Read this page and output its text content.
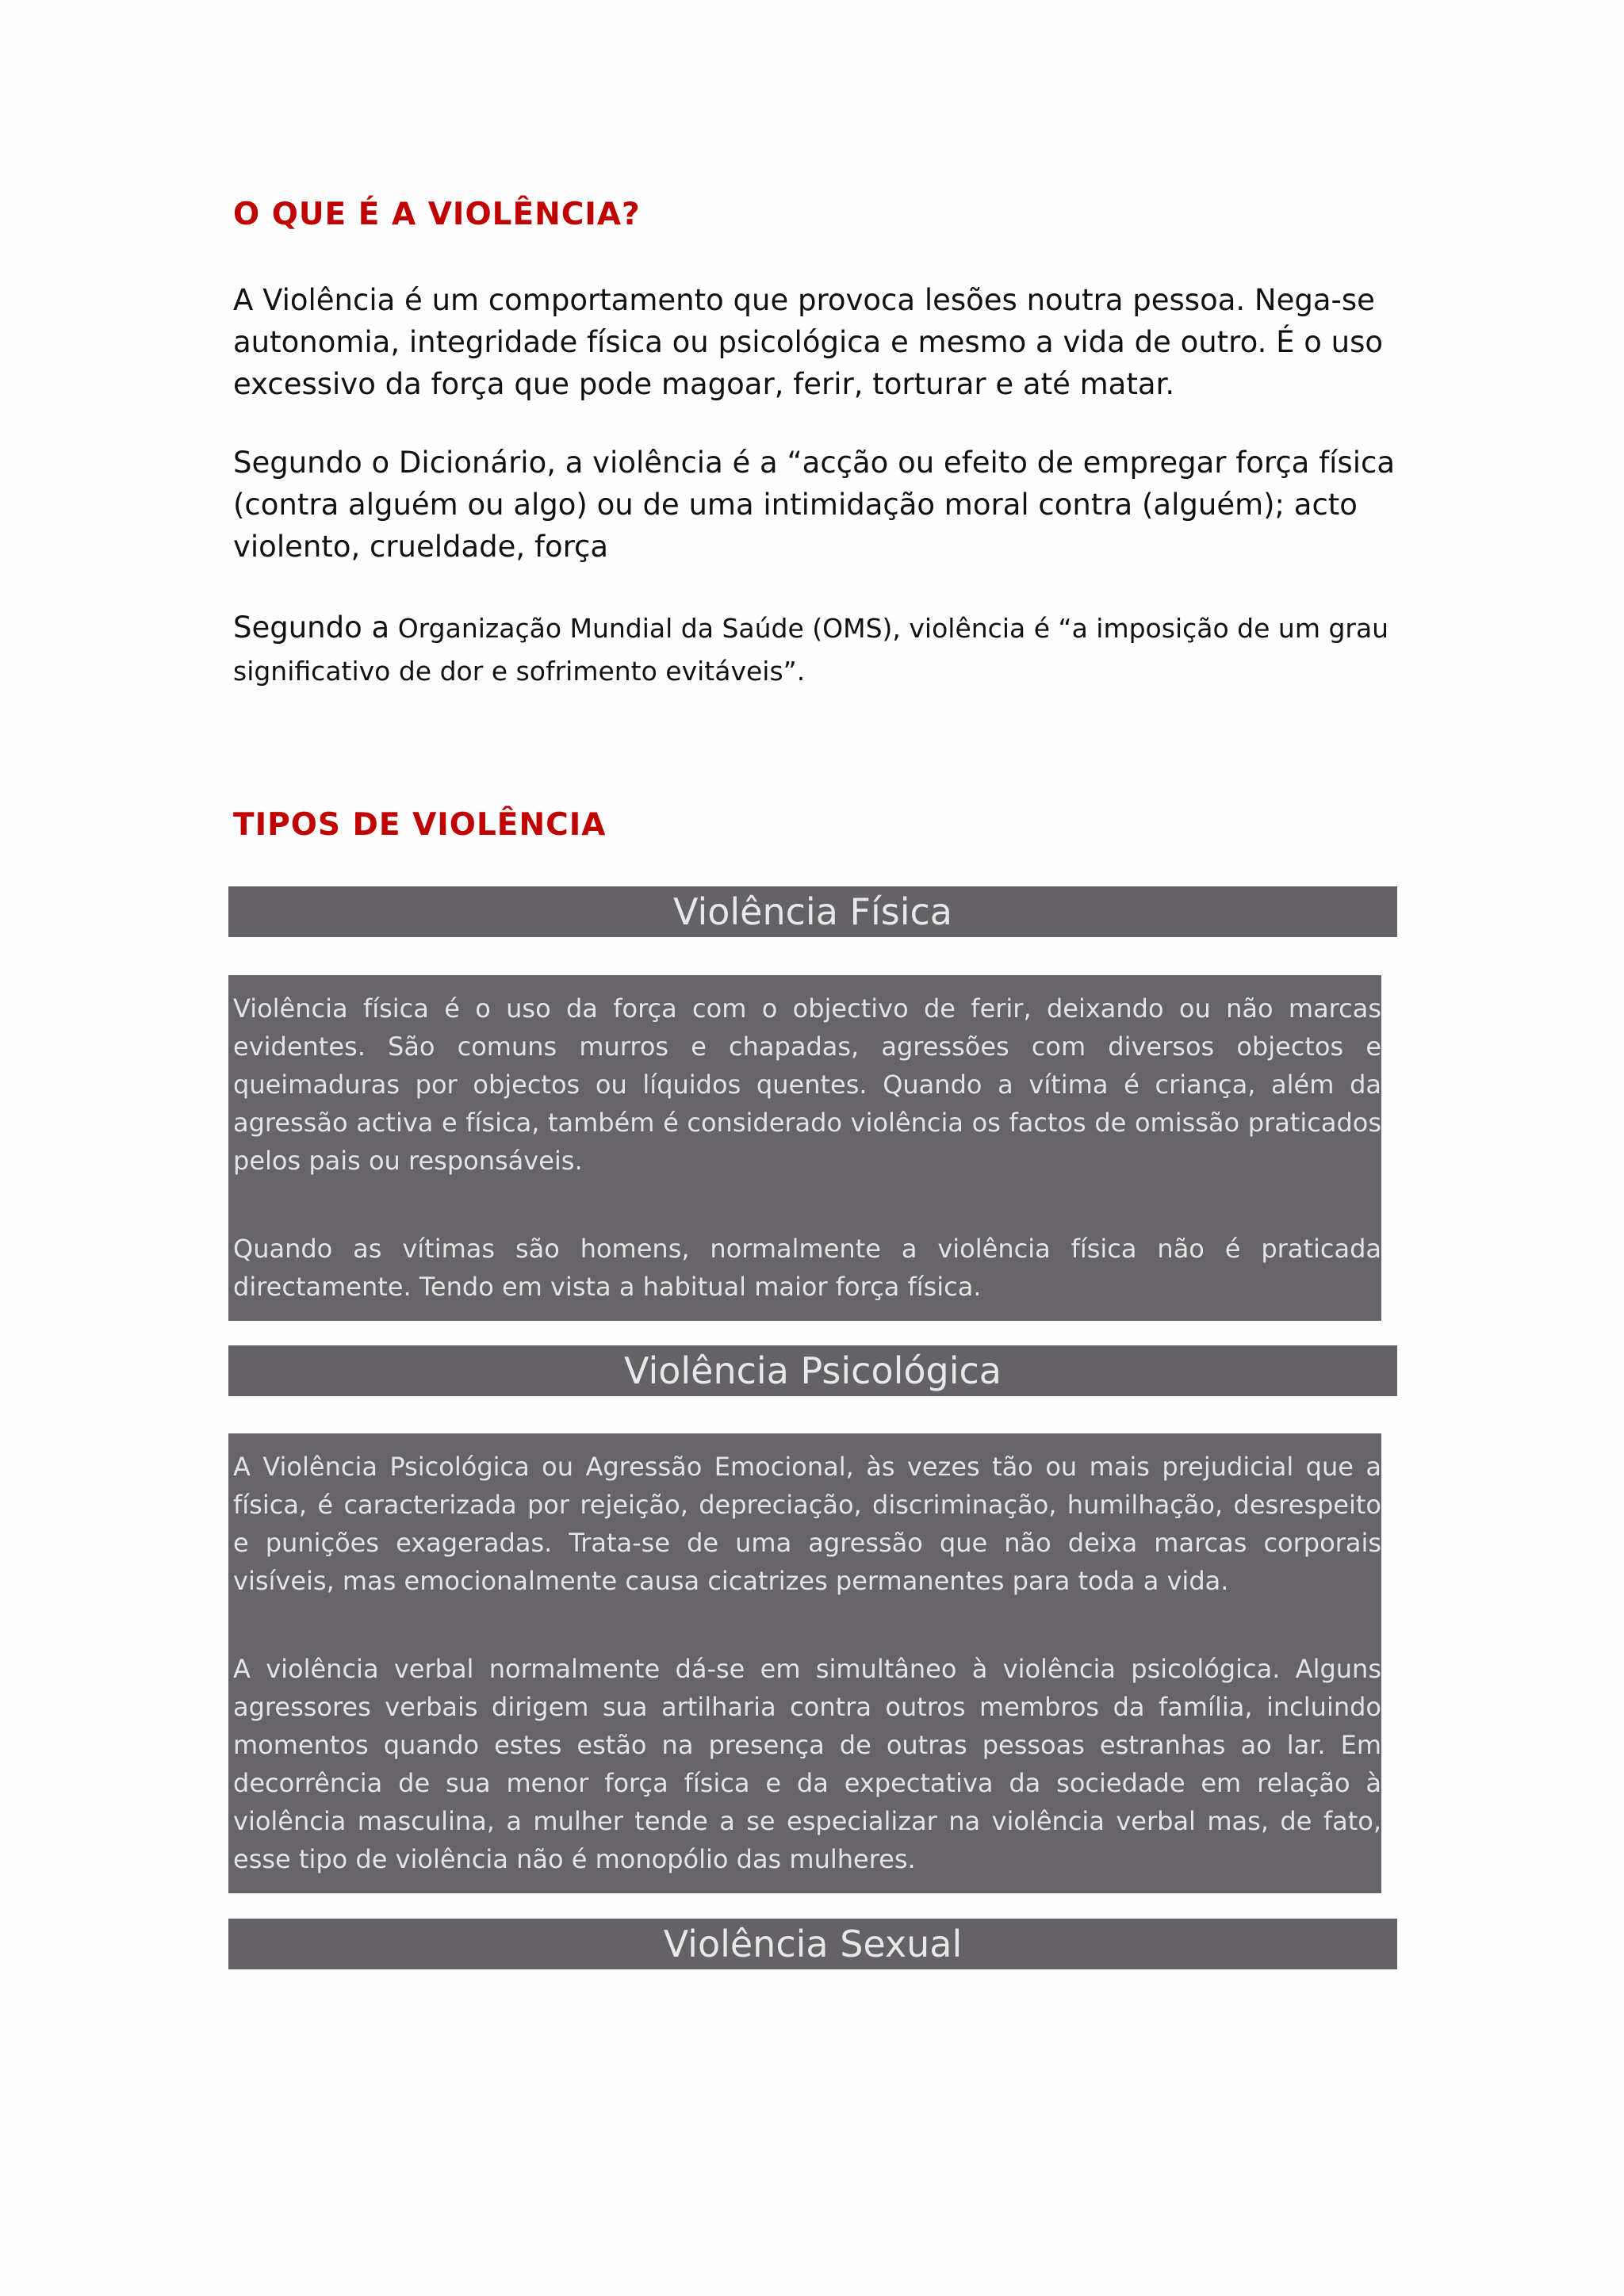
O QUE É A VIOLÊNCIA?

A Violência é um comportamento que provoca lesões noutra pessoa. Nega-se autonomia, integridade física ou psicológica e mesmo a vida de outro. É o uso excessivo da força que pode magoar, ferir, torturar e até matar.

Segundo o Dicionário, a violência é a “acção ou efeito de empregar força física (contra alguém ou algo) ou de uma intimidação moral contra (alguém); acto violento, crueldade, força

Segundo a Organização Mundial da Saúde (OMS), violência é “a imposição de um grau significativo de dor e sofrimento evitáveis”.

TIPOS DE VIOLÊNCIA
Violência Física

Violência física é o uso da força com o objectivo de ferir, deixando ou não marcas evidentes. São comuns murros e chapadas, agressões com diversos objectos e queimaduras por objectos ou líquidos quentes. Quando a vítima é criança, além da agressão activa e física, também é considerado violência os factos de omissão praticados pelos pais ou responsáveis.

Quando as vítimas são homens, normalmente a violência física não é praticada directamente. Tendo em vista a habitual maior força física.

Violência Psicológica

A Violência Psicológica ou Agressão Emocional, às vezes tão ou mais prejudicial que a física, é caracterizada por rejeição, depreciação, discriminação, humilhação, desrespeito e punições exageradas. Trata-se de uma agressão que não deixa marcas corporais visíveis, mas emocionalmente causa cicatrizes permanentes para toda a vida.

A violência verbal normalmente dá-se em simultâneo à violência psicológica. Alguns agressores verbais dirigem sua artilharia contra outros membros da família, incluindo momentos quando estes estão na presença de outras pessoas estranhas ao lar. Em decorrência de sua menor força física e da expectativa da sociedade em relação à violência masculina, a mulher tende a se especializar na violência verbal mas, de fato, esse tipo de violência não é monopólio das mulheres.

Violência Sexual
